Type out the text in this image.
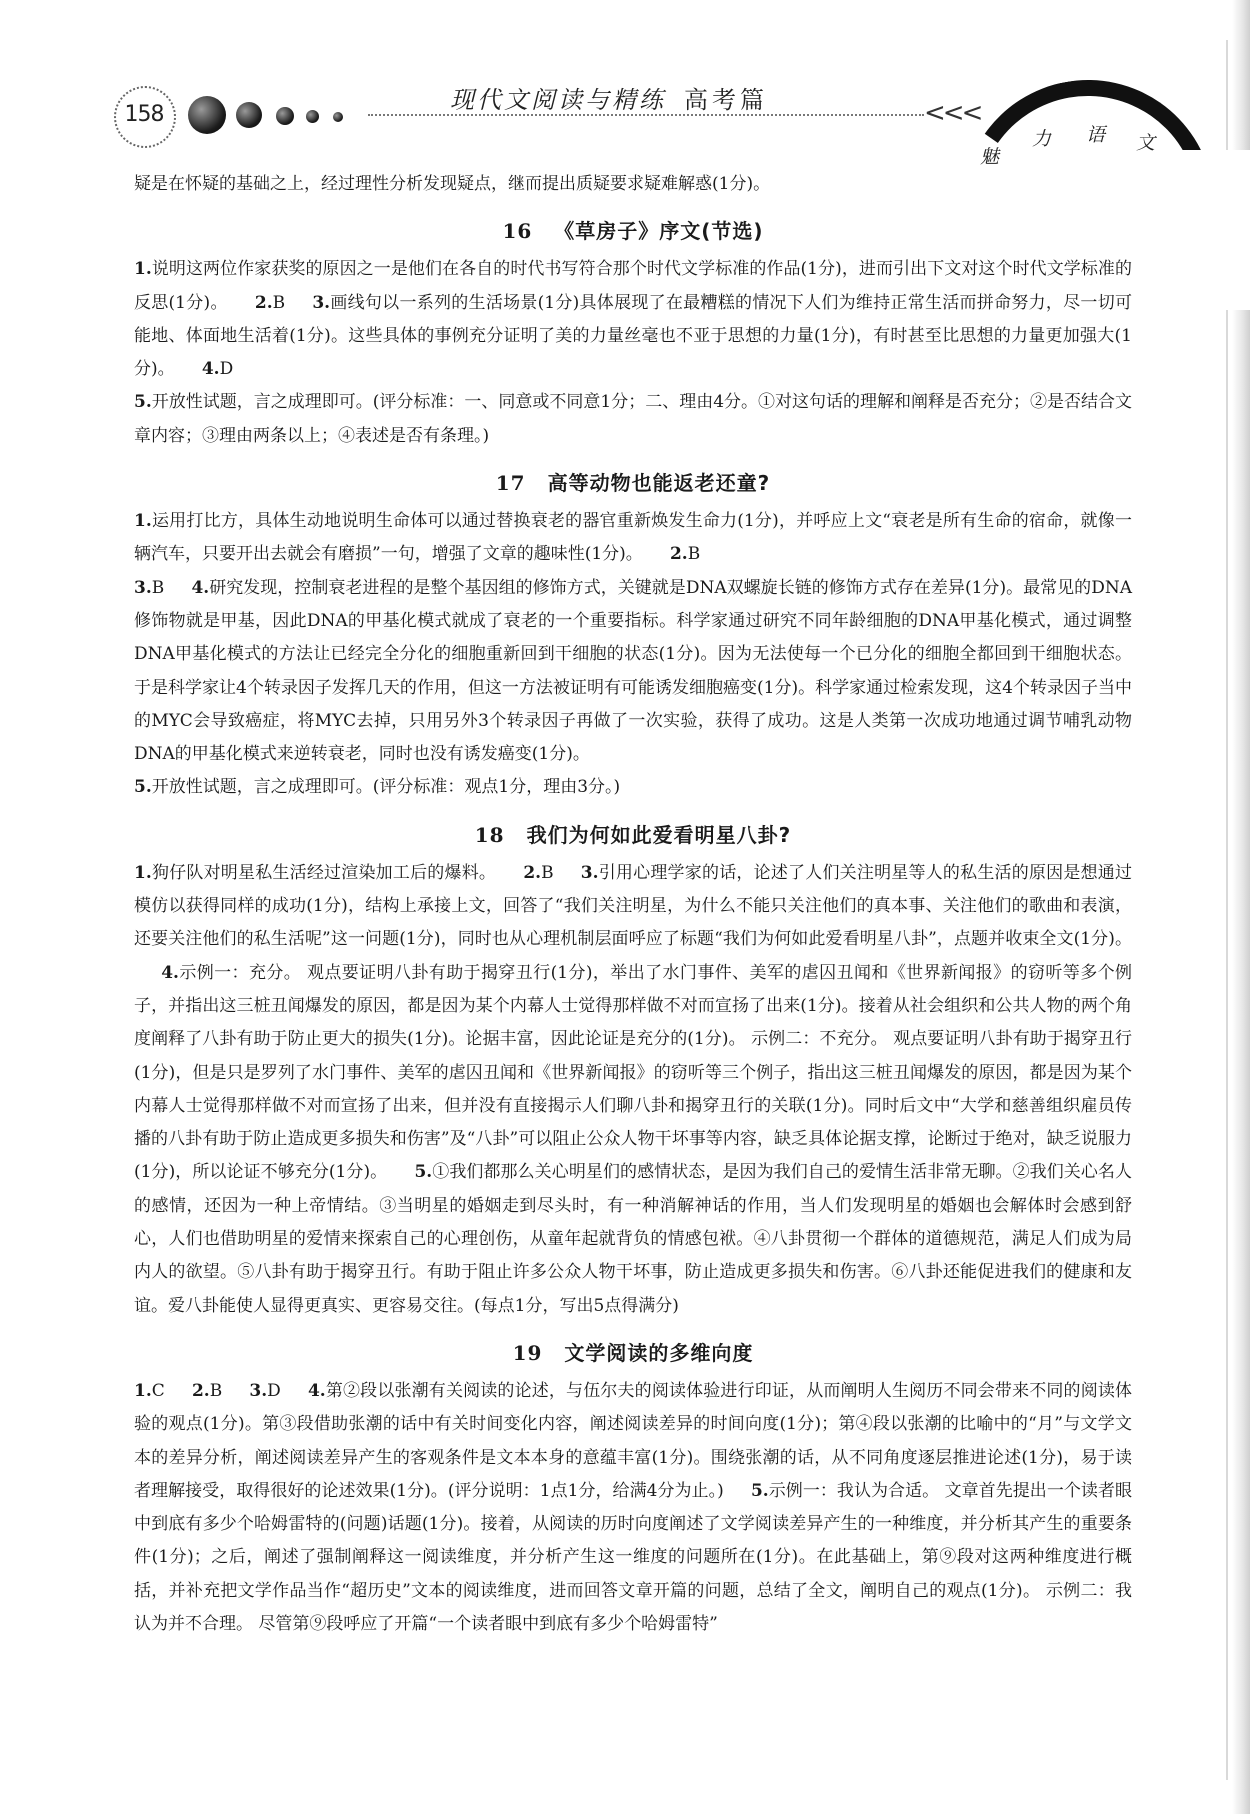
158
现代文阅读与精练 高考篇	<<<
魅
力 语 文

疑是在怀疑的基础之上，经过理性分析发现疑点，继而提出质疑要求疑难解惑(1分)。

16 《草房子》序文(节选)

1.说明这两位作家获奖的原因之一是他们在各自的时代书写符合那个时代文学标准的作品(1分)，进而引出下文对这个时代文学标准的反思(1分)。 2.B 3.画线句以一系列的生活场景(1分)具体展现了在最糟糕的情况下人们为维持正常生活而拼命努力，尽一切可能地、体面地生活着(1分)。这些具体的事例充分证明了美的力量丝毫也不亚于思想的力量(1分)，有时甚至比思想的力量更加强大(1分)。 4.D

5.开放性试题，言之成理即可。(评分标准：一、同意或不同意1分；二、理由4分。①对这句话的理解和阐释是否充分；②是否结合文章内容；③理由两条以上；④表述是否有条理。)

17 高等动物也能返老还童?

1.运用打比方，具体生动地说明生命体可以通过替换衰老的器官重新焕发生命力(1分)，并呼应上文“衰老是所有生命的宿命，就像一辆汽车，只要开出去就会有磨损”一句，增强了文章的趣味性(1分)。 2.B

3.B 4.研究发现，控制衰老进程的是整个基因组的修饰方式，关键就是DNA双螺旋长链的修饰方式存在差异(1分)。最常见的DNA修饰物就是甲基，因此DNA的甲基化模式就成了衰老的一个重要指标。科学家通过研究不同年龄细胞的DNA甲基化模式，通过调整DNA甲基化模式的方法让已经完全分化的细胞重新回到干细胞的状态(1分)。因为无法使每一个已分化的细胞全都回到干细胞状态。于是科学家让4个转录因子发挥几天的作用，但这一方法被证明有可能诱发细胞癌变(1分)。科学家通过检索发现，这4个转录因子当中的MYC会导致癌症，将MYC去掉，只用另外3个转录因子再做了一次实验，获得了成功。这是人类第一次成功地通过调节哺乳动物DNA的甲基化模式来逆转衰老，同时也没有诱发癌变(1分)。

5.开放性试题，言之成理即可。(评分标准：观点1分，理由3分。)

18 我们为何如此爱看明星八卦?

1.狗仔队对明星私生活经过渲染加工后的爆料。 2.B 3.引用心理学家的话，论述了人们关注明星等人的私生活的原因是想通过模仿以获得同样的成功(1分)，结构上承接上文，回答了“我们关注明星，为什么不能只关注他们的真本事、关注他们的歌曲和表演，还要关注他们的私生活呢”这一问题(1分)，同时也从心理机制层面呼应了标题“我们为何如此爱看明星八卦”，点题并收束全文(1分)。4.示例一：充分。 观点要证明八卦有助于揭穿丑行(1分)，举出了水门事件、美军的虐囚丑闻和《世界新闻报》的窃听等多个例子，并指出这三桩丑闻爆发的原因，都是因为某个内幕人士觉得那样做不对而宣扬了出来(1分)。接着从社会组织和公共人物的两个角度阐释了八卦有助于防止更大的损失(1分)。论据丰富，因此论证是充分的(1分)。 示例二：不充分。 观点要证明八卦有助于揭穿丑行(1分)，但是只是罗列了水门事件、美军的虐囚丑闻和《世界新闻报》的窃听等三个例子，指出这三桩丑闻爆发的原因，都是因为某个内幕人士觉得那样做不对而宣扬了出来，但并没有直接揭示人们聊八卦和揭穿丑行的关联(1分)。同时后文中“大学和慈善组织雇员传播的八卦有助于防止造成更多损失和伤害”及“八卦”可以阻止公众人物干坏事等内容，缺乏具体论据支撑，论断过于绝对，缺乏说服力(1分)，所以论证不够充分(1分)。 5.①我们都那么关心明星们的感情状态，是因为我们自己的爱情生活非常无聊。②我们关心名人的感情，还因为一种上帝情结。③当明星的婚姻走到尽头时，有一种消解神话的作用，当人们发现明星的婚姻也会解体时会感到舒心，人们也借助明星的爱情来探索自己的心理创伤，从童年起就背负的情感包袱。④八卦贯彻一个群体的道德规范，满足人们成为局内人的欲望。⑤八卦有助于揭穿丑行。有助于阻止许多公众人物干坏事，防止造成更多损失和伤害。⑥八卦还能促进我们的健康和友谊。爱八卦能使人显得更真实、更容易交往。(每点1分，写出5点得满分)

19 文学阅读的多维向度

1.C 2.B 3.D 4.第②段以张潮有关阅读的论述，与伍尔夫的阅读体验进行印证，从而阐明人生阅历不同会带来不同的阅读体验的观点(1分)。第③段借助张潮的话中有关时间变化内容，阐述阅读差异的时间向度(1分)；第④段以张潮的比喻中的“月”与文学文本的差异分析，阐述阅读差异产生的客观条件是文本本身的意蕴丰富(1分)。围绕张潮的话，从不同角度逐层推进论述(1分)，易于读者理解接受，取得很好的论述效果(1分)。(评分说明：1点1分，给满4分为止。) 5.示例一：我认为合适。 文章首先提出一个读者眼中到底有多少个哈姆雷特的(问题)话题(1分)。接着，从阅读的历时向度阐述了文学阅读差异产生的一种维度，并分析其产生的重要条件(1分)；之后，阐述了强制阐释这一阅读维度，并分析产生这一维度的问题所在(1分)。在此基础上，第⑨段对这两种维度进行概括，并补充把文学作品当作“超历史”文本的阅读维度，进而回答文章开篇的问题，总结了全文，阐明自己的观点(1分)。 示例二：我认为并不合理。 尽管第⑨段呼应了开篇“一个读者眼中到底有多少个哈姆雷特”
